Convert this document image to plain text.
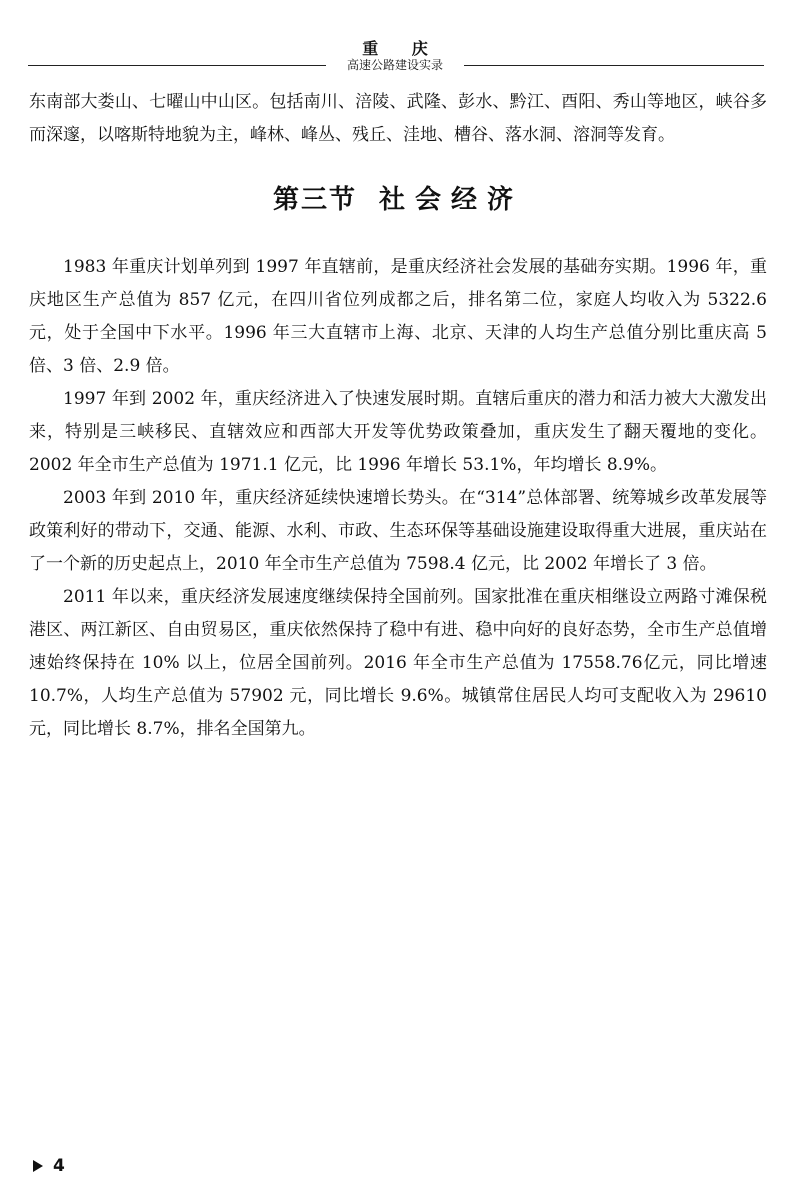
重 庆
高速公路建设实录

东南部大娄山、七曜山中山区。包括南川、涪陵、武隆、彭水、黔江、酉阳、秀山等地区，峡谷多而深邃，以喀斯特地貌为主，峰林、峰丛、残丘、洼地、槽谷、落水洞、溶洞等发育。

第三节 社会经济

1983 年重庆计划单列到 1997 年直辖前，是重庆经济社会发展的基础夯实期。1996 年，重庆地区生产总值为 857 亿元，在四川省位列成都之后，排名第二位，家庭人均收入为 5322.6 元，处于全国中下水平。1996 年三大直辖市上海、北京、天津的人均生产总值分别比重庆高 5 倍、3 倍、2.9 倍。

1997 年到 2002 年，重庆经济进入了快速发展时期。直辖后重庆的潜力和活力被大大激发出来，特别是三峡移民、直辖效应和西部大开发等优势政策叠加，重庆发生了翻天覆地的变化。2002 年全市生产总值为 1971.1 亿元，比 1996 年增长 53.1%，年均增长 8.9%。

2003 年到 2010 年，重庆经济延续快速增长势头。在“314”总体部署、统筹城乡改革发展等政策利好的带动下，交通、能源、水利、市政、生态环保等基础设施建设取得重大进展，重庆站在了一个新的历史起点上，2010 年全市生产总值为 7598.4 亿元，比 2002 年增长了 3 倍。

2011 年以来，重庆经济发展速度继续保持全国前列。国家批准在重庆相继设立两路寸滩保税港区、两江新区、自由贸易区，重庆依然保持了稳中有进、稳中向好的良好态势，全市生产总值增速始终保持在 10% 以上，位居全国前列。2016 年全市生产总值为 17558.76亿元，同比增速 10.7%，人均生产总值为 57902 元，同比增长 9.6%。城镇常住居民人均可支配收入为 29610 元，同比增长 8.7%，排名全国第九。

4
